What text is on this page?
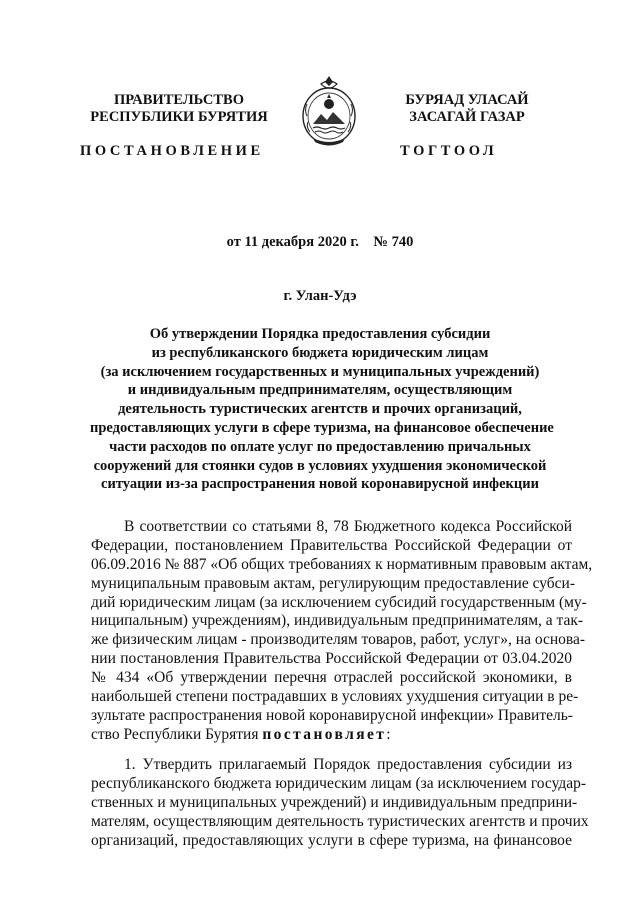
ПРАВИТЕЛЬСТВО
РЕСПУБЛИКИ БУРЯТИЯ
БУРЯАД УЛАСАЙ
ЗАСАГАЙ ГАЗАР
ПОСТАНОВЛЕНИЕ	ТОГТООЛ
от 11 декабря 2020 г.    № 740
г. Улан-Удэ
Об утверждении Порядка предоставления субсидии
из республиканского бюджета юридическим лицам
(за исключением государственных и муниципальных учреждений)
и индивидуальным предпринимателям, осуществляющим
деятельность туристических агентств и прочих организаций,
предоставляющих услуги в сфере туризма, на финансовое обеспечение
части расходов по оплате услуг по предоставлению причальных
сооружений для стоянки судов в условиях ухудшения экономической
ситуации из-за распространения новой коронавирусной инфекции
В соответствии со статьями 8, 78 Бюджетного кодекса Российской
Федерации, постановлением Правительства Российской Федерации от
06.09.2016 № 887 «Об общих требованиях к нормативным правовым актам,
муниципальным правовым актам, регулирующим предоставление субси-
дий юридическим лицам (за исключением субсидий государственным (му-
ниципальным) учреждениям), индивидуальным предпринимателям, а так-
же физическим лицам - производителям товаров, работ, услуг», на основа-
нии постановления Правительства Российской Федерации от 03.04.2020
№ 434 «Об утверждении перечня отраслей российской экономики, в
наибольшей степени пострадавших в условиях ухудшения ситуации в ре-
зультате распространения новой коронавирусной инфекции» Правитель-
ство Республики Бурятия постановляет:
1. Утвердить прилагаемый Порядок предоставления субсидии из
республиканского бюджета юридическим лицам (за исключением государ-
ственных и муниципальных учреждений) и индивидуальным предприни-
мателям, осуществляющим деятельность туристических агентств и прочих
организаций, предоставляющих услуги в сфере туризма, на финансовое
